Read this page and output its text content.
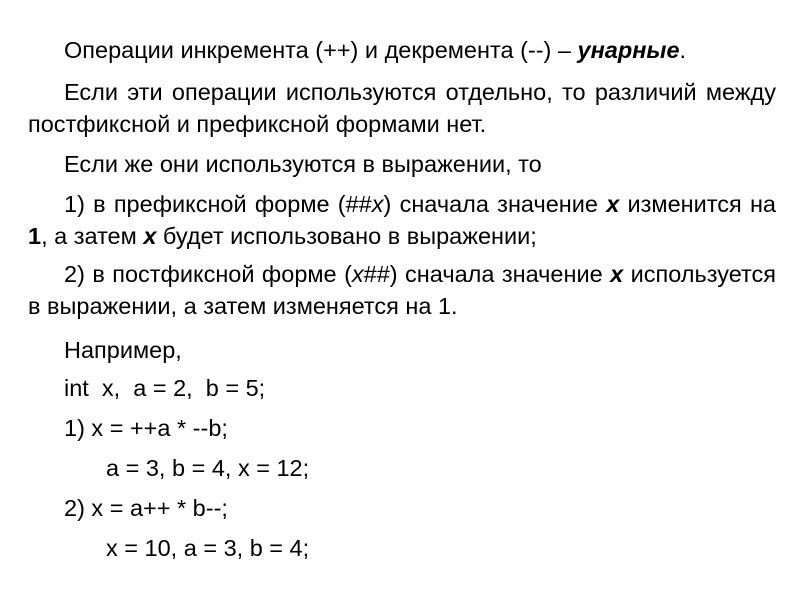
Операции инкремента (++) и декремента (--) – унарные.

Если эти операции используются отдельно, то различий между постфиксной и префиксной формами нет.

Если же они используются в выражении, то

1) в префиксной форме (##x) сначала значение x изменится на 1, а затем x будет использовано в выражении;

2) в постфиксной форме (x##) сначала значение x используется в выражении, а затем изменяется на 1.

Например,
int  x,  a = 2,  b = 5;
1) x = ++a * --b;
a = 3, b = 4, x = 12;
2) x = a++ * b--;
x = 10, a = 3, b = 4;
